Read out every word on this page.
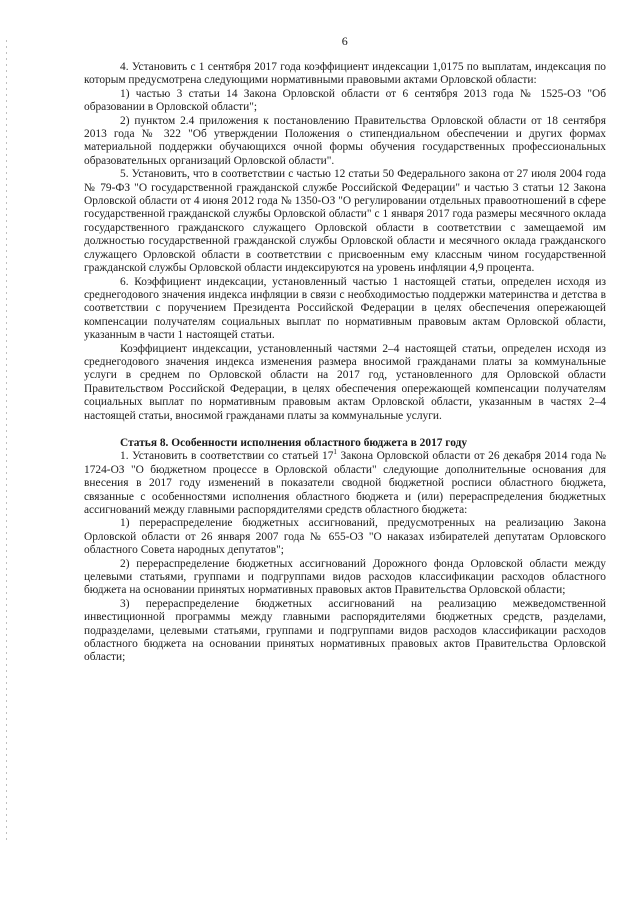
6

4. Установить с 1 сентября 2017 года коэффициент индексации 1,0175 по выплатам, индексация по которым предусмотрена следующими нормативными правовыми актами Орловской области:

1) частью 3 статьи 14 Закона Орловской области от 6 сентября 2013 года № 1525-ОЗ "Об образовании в Орловской области";

2) пунктом 2.4 приложения к постановлению Правительства Орловской области от 18 сентября 2013 года № 322 "Об утверждении Положения о стипендиальном обеспечении и других формах материальной поддержки обучающихся очной формы обучения государственных профессиональных образовательных организаций Орловской области".

5. Установить, что в соответствии с частью 12 статьи 50 Федерального закона от 27 июля 2004 года № 79-ФЗ "О государственной гражданской службе Российской Федерации" и частью 3 статьи 12 Закона Орловской области от 4 июня 2012 года № 1350-ОЗ "О регулировании отдельных правоотношений в сфере государственной гражданской службы Орловской области" с 1 января 2017 года размеры месячного оклада государственного гражданского служащего Орловской области в соответствии с замещаемой им должностью государственной гражданской службы Орловской области и месячного оклада гражданского служащего Орловской области в соответствии с присвоенным ему классным чином государственной гражданской службы Орловской области индексируются на уровень инфляции 4,9 процента.

6. Коэффициент индексации, установленный частью 1 настоящей статьи, определен исходя из среднегодового значения индекса инфляции в связи с необходимостью поддержки материнства и детства в соответствии с поручением Президента Российской Федерации в целях обеспечения опережающей компенсации получателям социальных выплат по нормативным правовым актам Орловской области, указанным в части 1 настоящей статьи.

Коэффициент индексации, установленный частями 2–4 настоящей статьи, определен исходя из среднегодового значения индекса изменения размера вносимой гражданами платы за коммунальные услуги в среднем по Орловской области на 2017 год, установленного для Орловской области Правительством Российской Федерации, в целях обеспечения опережающей компенсации получателям социальных выплат по нормативным правовым актам Орловской области, указанным в частях 2–4 настоящей статьи, вносимой гражданами платы за коммунальные услуги.

Статья 8. Особенности исполнения областного бюджета в 2017 году

1. Установить в соответствии со статьей $17^1$ Закона Орловской области от 26 декабря 2014 года № 1724-ОЗ "О бюджетном процессе в Орловской области" следующие дополнительные основания для внесения в 2017 году изменений в показатели сводной бюджетной росписи областного бюджета, связанные с особенностями исполнения областного бюджета и (или) перераспределения бюджетных ассигнований между главными распорядителями средств областного бюджета:

1) перераспределение бюджетных ассигнований, предусмотренных на реализацию Закона Орловской области от 26 января 2007 года № 655-ОЗ "О наказах избирателей депутатам Орловского областного Совета народных депутатов";

2) перераспределение бюджетных ассигнований Дорожного фонда Орловской области между целевыми статьями, группами и подгруппами видов расходов классификации расходов областного бюджета на основании принятых нормативных правовых актов Правительства Орловской области;

3) перераспределение бюджетных ассигнований на реализацию межведомственной инвестиционной программы между главными распорядителями бюджетных средств, разделами, подразделами, целевыми статьями, группами и подгруппами видов расходов классификации расходов областного бюджета на основании принятых нормативных правовых актов Правительства Орловской области;
